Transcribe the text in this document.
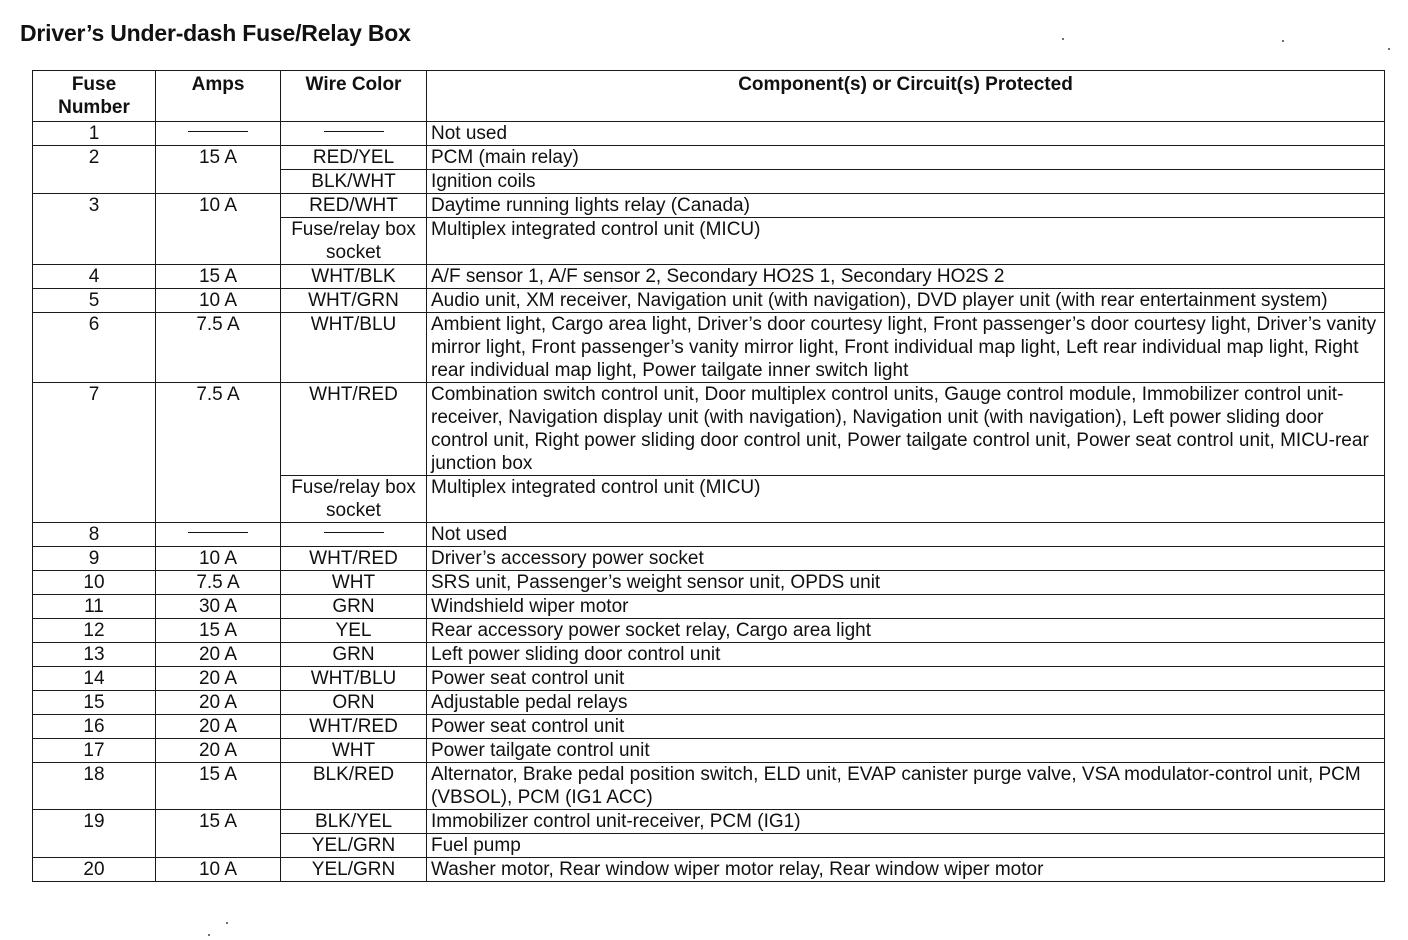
Driver’s Under-dash Fuse/Relay Box
Fuse Number	Amps	Wire Color	Component(s) or Circuit(s) Protected
1			Not used
2	15 A	RED/YEL	PCM (main relay)
		BLK/WHT	Ignition coils
3	10 A	RED/WHT	Daytime running lights relay (Canada)
		Fuse/relay box socket	Multiplex integrated control unit (MICU)
4	15 A	WHT/BLK	A/F sensor 1, A/F sensor 2, Secondary HO2S 1, Secondary HO2S 2
5	10 A	WHT/GRN	Audio unit, XM receiver, Navigation unit (with navigation), DVD player unit (with rear entertainment system)
6	7.5 A	WHT/BLU	Ambient light, Cargo area light, Driver’s door courtesy light, Front passenger’s door courtesy light, Driver’s vanity mirror light, Front passenger’s vanity mirror light, Front individual map light, Left rear individual map light, Right rear individual map light, Power tailgate inner switch light
7	7.5 A	WHT/RED	Combination switch control unit, Door multiplex control units, Gauge control module, Immobilizer control unit-receiver, Navigation display unit (with navigation), Navigation unit (with navigation), Left power sliding door control unit, Right power sliding door control unit, Power tailgate control unit, Power seat control unit, MICU-rear junction box
		Fuse/relay box socket	Multiplex integrated control unit (MICU)
8			Not used
9	10 A	WHT/RED	Driver’s accessory power socket
10	7.5 A	WHT	SRS unit, Passenger’s weight sensor unit, OPDS unit
11	30 A	GRN	Windshield wiper motor
12	15 A	YEL	Rear accessory power socket relay, Cargo area light
13	20 A	GRN	Left power sliding door control unit
14	20 A	WHT/BLU	Power seat control unit
15	20 A	ORN	Adjustable pedal relays
16	20 A	WHT/RED	Power seat control unit
17	20 A	WHT	Power tailgate control unit
18	15 A	BLK/RED	Alternator, Brake pedal position switch, ELD unit, EVAP canister purge valve, VSA modulator-control unit, PCM (VBSOL), PCM (IG1 ACC)
19	15 A	BLK/YEL	Immobilizer control unit-receiver, PCM (IG1)
		YEL/GRN	Fuel pump
20	10 A	YEL/GRN	Washer motor, Rear window wiper motor relay, Rear window wiper motor
